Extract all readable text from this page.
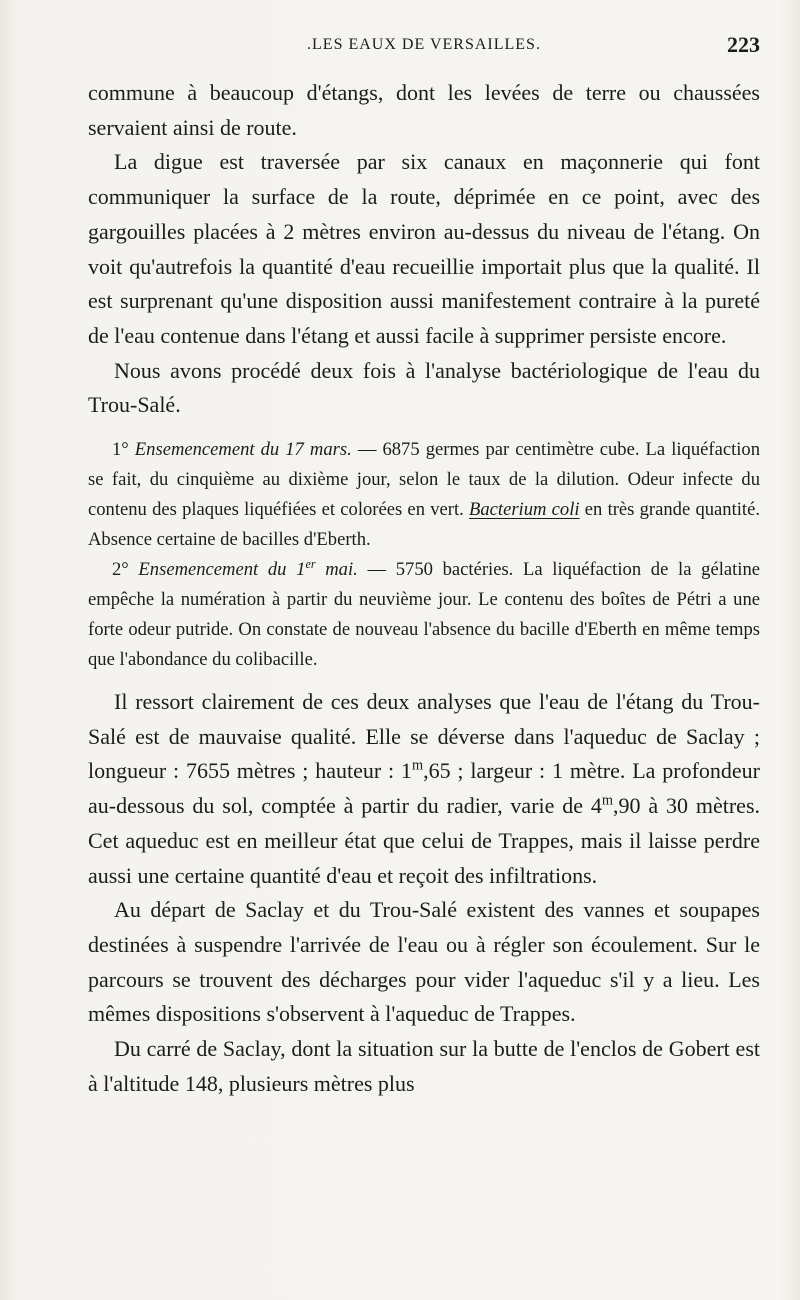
.LES EAUX DE VERSAILLES.	223

commune à beaucoup d'étangs, dont les levées de terre ou chaussées servaient ainsi de route.

La digue est traversée par six canaux en maçonnerie qui font communiquer la surface de la route, déprimée en ce point, avec des gargouilles placées à 2 mètres environ au-dessus du niveau de l'étang. On voit qu'autrefois la quantité d'eau recueillie importait plus que la qualité. Il est surprenant qu'une disposition aussi manifestement contraire à la pureté de l'eau contenue dans l'étang et aussi facile à supprimer persiste encore.

Nous avons procédé deux fois à l'analyse bactériologique de l'eau du Trou-Salé.

1° Ensemencement du 17 mars. — 6875 germes par centimètre cube. La liquéfaction se fait, du cinquième au dixième jour, selon le taux de la dilution. Odeur infecte du contenu des plaques liquéfiées et colorées en vert. Bacterium coli en très grande quantité. Absence certaine de bacilles d'Eberth.

2° Ensemencement du 1er mai. — 5750 bactéries. La liquéfaction de la gélatine empêche la numération à partir du neuvième jour. Le contenu des boîtes de Pétri a une forte odeur putride. On constate de nouveau l'absence du bacille d'Eberth en même temps que l'abondance du colibacille.

Il ressort clairement de ces deux analyses que l'eau de l'étang du Trou-Salé est de mauvaise qualité. Elle se déverse dans l'aqueduc de Saclay ; longueur : 7655 mètres ; hauteur : 1$^m$,65 ; largeur : 1 mètre. La profondeur au-dessous du sol, comptée à partir du radier, varie de 4$^m$,90 à 30 mètres. Cet aqueduc est en meilleur état que celui de Trappes, mais il laisse perdre aussi une certaine quantité d'eau et reçoit des infiltrations.

Au départ de Saclay et du Trou-Salé existent des vannes et soupapes destinées à suspendre l'arrivée de l'eau ou à régler son écoulement. Sur le parcours se trouvent des décharges pour vider l'aqueduc s'il y a lieu. Les mêmes dispositions s'observent à l'aqueduc de Trappes.

Du carré de Saclay, dont la situation sur la butte de l'enclos de Gobert est à l'altitude 148, plusieurs mètres plus
